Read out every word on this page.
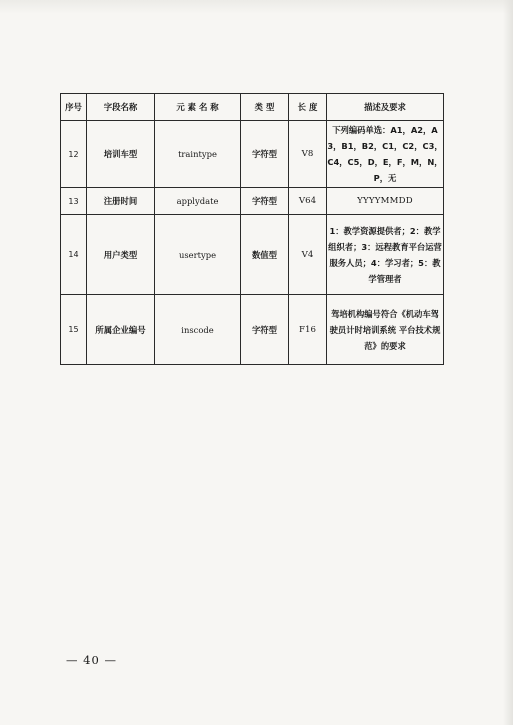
序号	字段名称	元 素 名 称	类 型	长 度	描述及要求
12	培训车型	traintype	字符型	V8	下列编码单选：A1，A2，A3，B1，B2，C1，C2，C3，C4，C5，D，E，F，M，N，P，无
13	注册时间	applydate	字符型	V64	YYYYMMDD
14	用户类型	usertype	数值型	V4	1：教学资源提供者；2：教学组织者；3：远程教育平台运营服务人员；4：学习者；5：教学管理者
15	所属企业编号	inscode	字符型	F16	驾培机构编号符合《机动车驾驶员计时培训系统 平台技术规范》的要求
— 40 —
